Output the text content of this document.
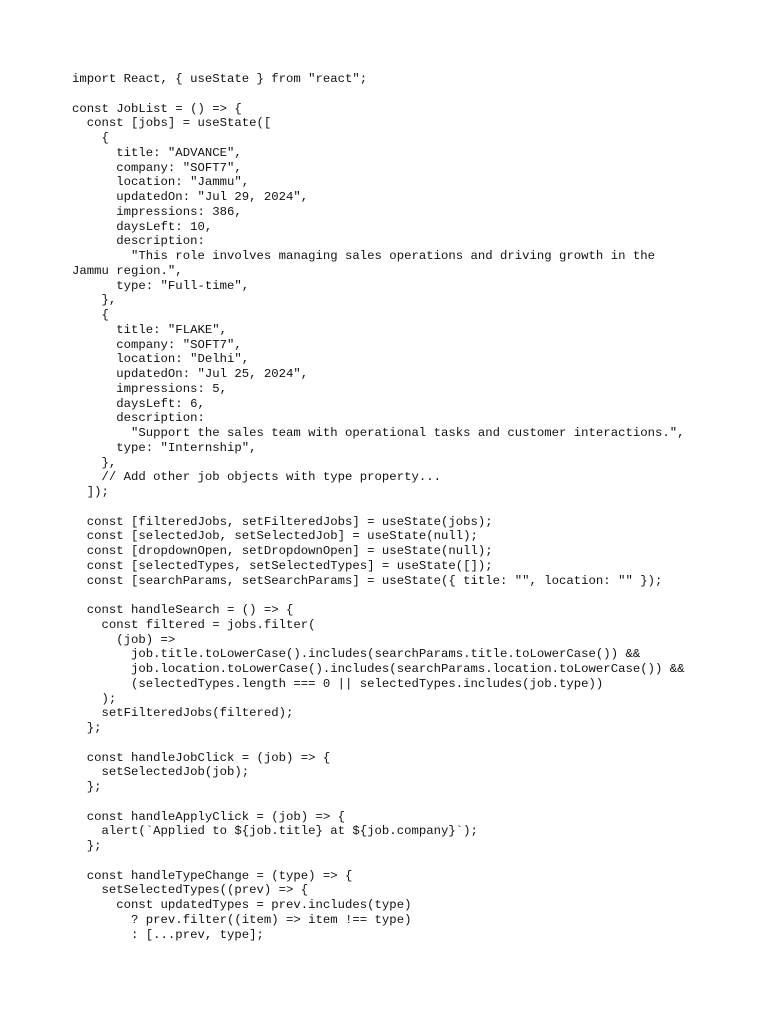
import React, { useState } from "react";
const JobList = () => {
const [jobs] = useState([
{
title: "ADVANCE",
company: "SOFT7",
location: "Jammu",
updatedOn: "Jul 29, 2024",
impressions: 386,
daysLeft: 10,
description:
"This role involves managing sales operations and driving growth in the
Jammu region.",
type: "Full-time",
},
{
title: "FLAKE",
company: "SOFT7",
location: "Delhi",
updatedOn: "Jul 25, 2024",
impressions: 5,
daysLeft: 6,
description:
"Support the sales team with operational tasks and customer interactions.",
type: "Internship",
},
// Add other job objects with type property...
]);
const [filteredJobs, setFilteredJobs] = useState(jobs);
const [selectedJob, setSelectedJob] = useState(null);
const [dropdownOpen, setDropdownOpen] = useState(null);
const [selectedTypes, setSelectedTypes] = useState([]);
const [searchParams, setSearchParams] = useState({ title: "", location: "" });
const handleSearch = () => {
const filtered = jobs.filter(
(job) =>
job.title.toLowerCase().includes(searchParams.title.toLowerCase()) &&
job.location.toLowerCase().includes(searchParams.location.toLowerCase()) &&
(selectedTypes.length === 0 || selectedTypes.includes(job.type))
);
setFilteredJobs(filtered);
};
const handleJobClick = (job) => {
setSelectedJob(job);
};
const handleApplyClick = (job) => {
alert(`Applied to ${job.title} at ${job.company}`);
};
const handleTypeChange = (type) => {
setSelectedTypes((prev) => {
const updatedTypes = prev.includes(type)
? prev.filter((item) => item !== type)
: [...prev, type];
